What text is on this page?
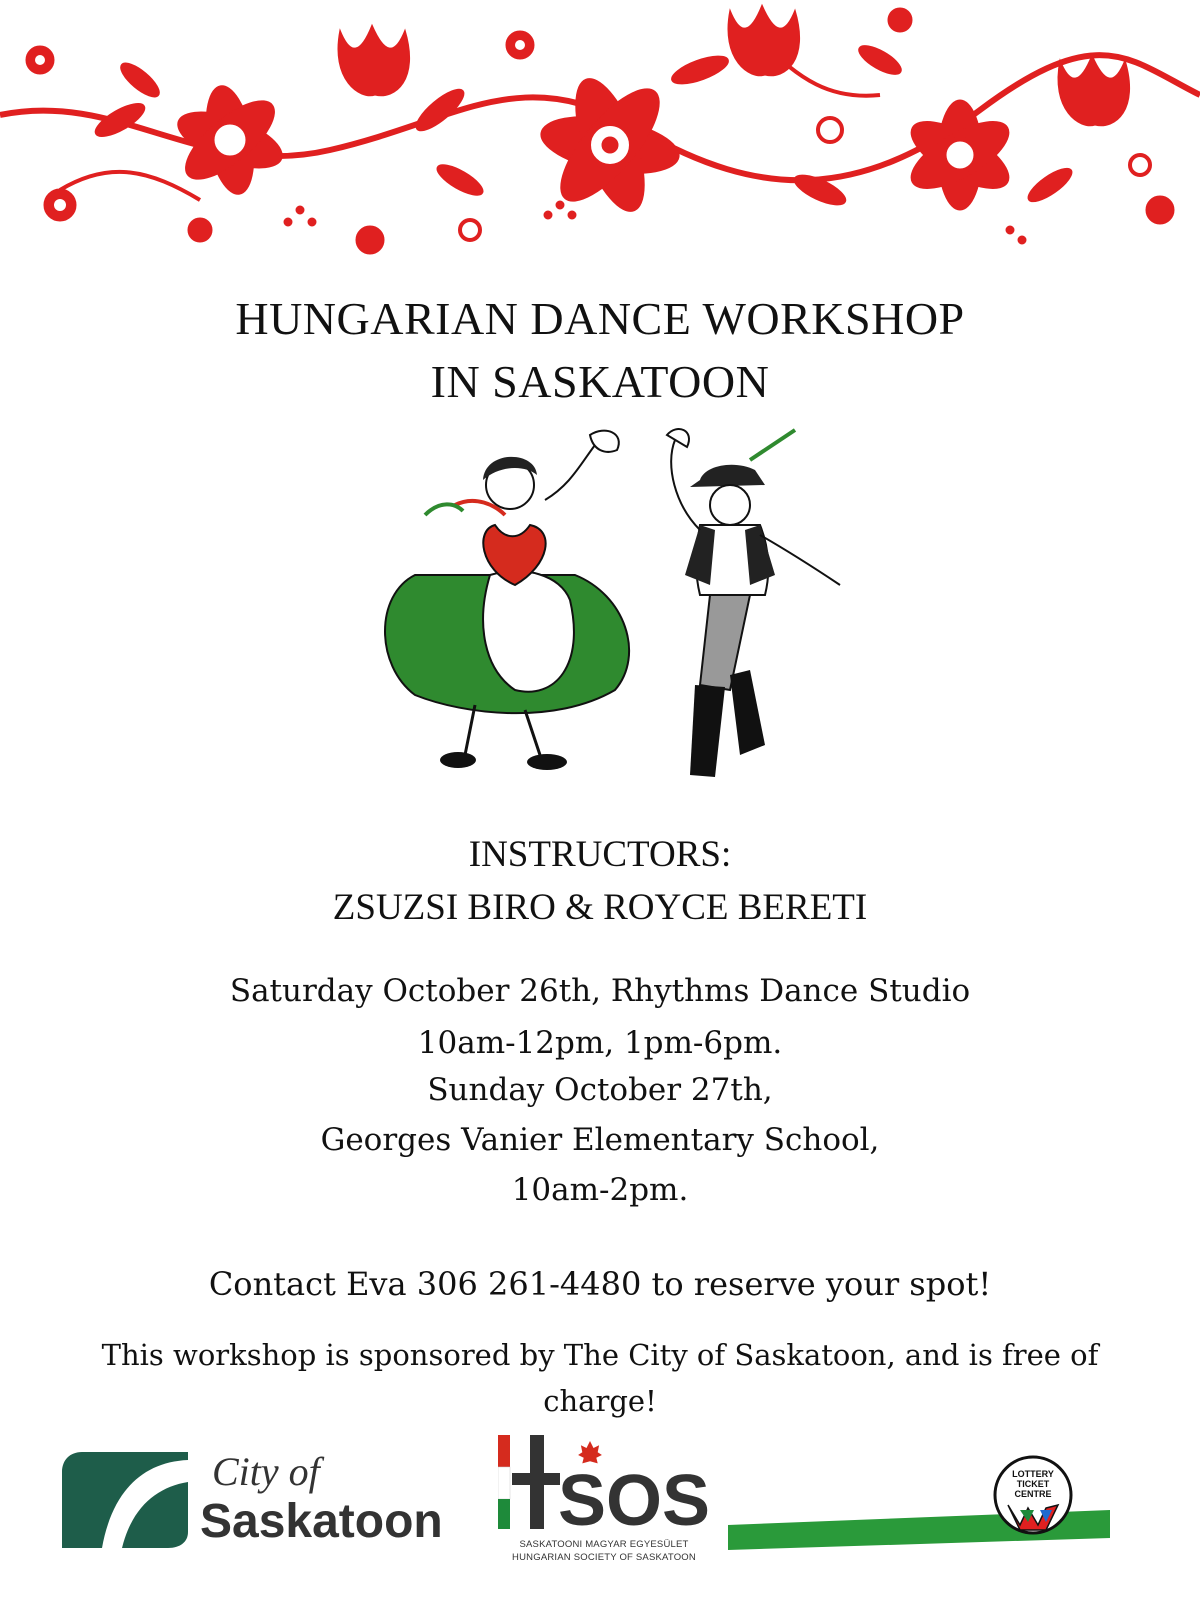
HUNGARIAN DANCE WORKSHOP
IN SASKATOON
INSTRUCTORS:
ZSUZSI BIRO & ROYCE BERETI
Saturday October 26th, Rhythms Dance Studio
10am-12pm, 1pm-6pm.
Sunday October 27th,
Georges Vanier Elementary School,
10am-2pm.
Contact Eva 306 261-4480 to reserve your spot!
This workshop is sponsored by The City of Saskatoon, and is free of charge!
City of
Saskatoon SOS
SASKATOONI MAGYAR EGYESÜLET
HUNGARIAN SOCIETY OF SASKATOON
LOTTERY
TICKET
CENTRE
